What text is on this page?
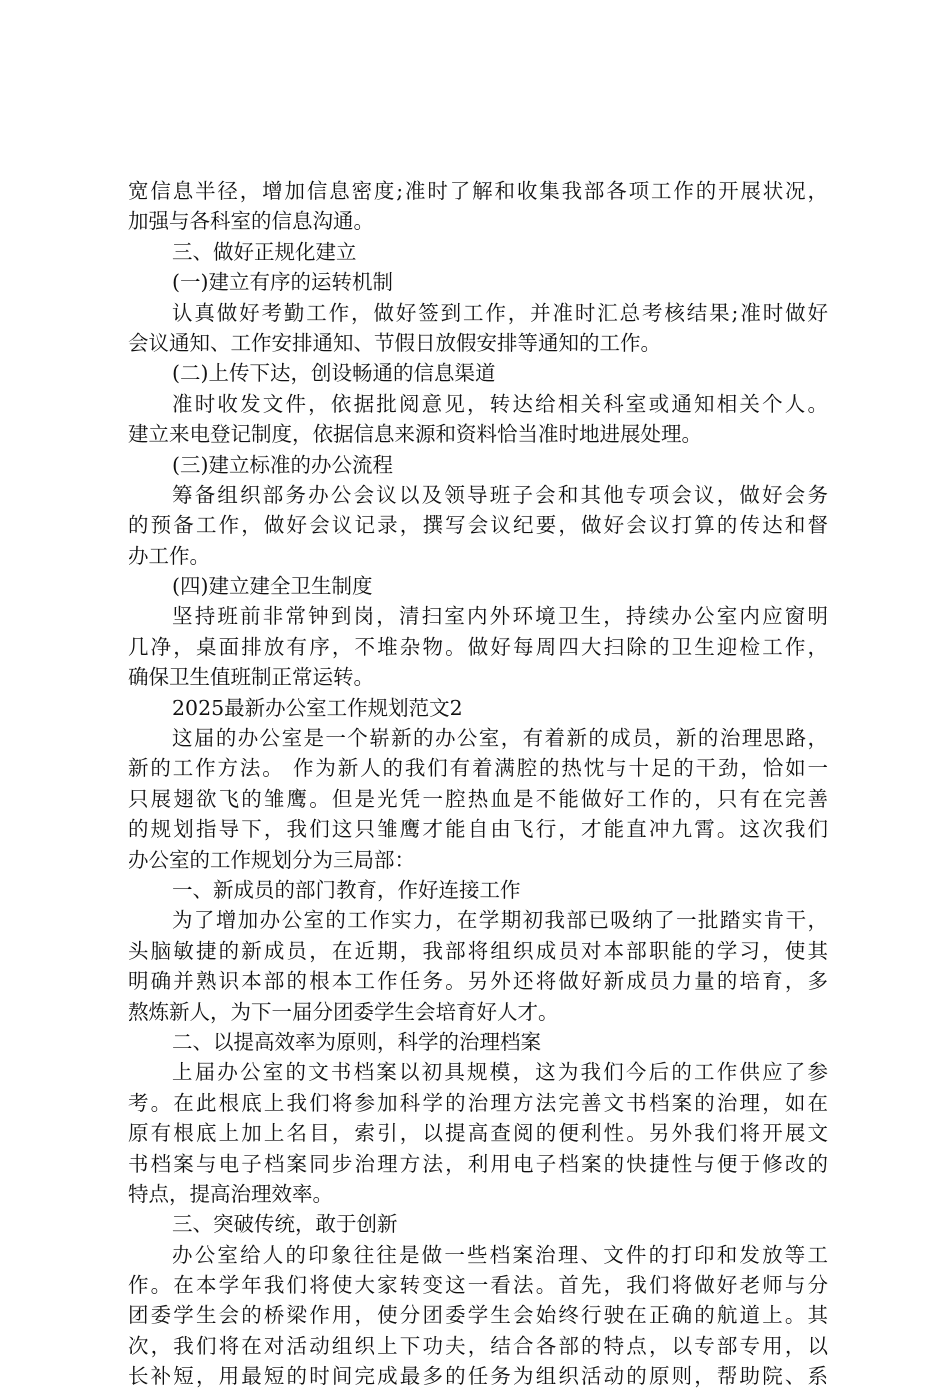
宽信息半径，增加信息密度;准时了解和收集我部各项工作的开展状况，
加强与各科室的信息沟通。
三、做好正规化建立
(一)建立有序的运转机制
认真做好考勤工作，做好签到工作，并准时汇总考核结果;准时做好
会议通知、工作安排通知、节假日放假安排等通知的工作。
(二)上传下达，创设畅通的信息渠道
准时收发文件，依据批阅意见，转达给相关科室或通知相关个人。
建立来电登记制度，依据信息来源和资料恰当准时地进展处理。
(三)建立标准的办公流程
筹备组织部务办公会议以及领导班子会和其他专项会议，做好会务
的预备工作，做好会议记录，撰写会议纪要，做好会议打算的传达和督
办工作。
(四)建立建全卫生制度
坚持班前非常钟到岗，清扫室内外环境卫生，持续办公室内应窗明
几净，桌面排放有序，不堆杂物。做好每周四大扫除的卫生迎检工作，
确保卫生值班制正常运转。
2025最新办公室工作规划范文2
这届的办公室是一个崭新的办公室，有着新的成员，新的治理思路，
新的工作方法。 作为新人的我们有着满腔的热忱与十足的干劲，恰如一
只展翅欲飞的雏鹰。但是光凭一腔热血是不能做好工作的，只有在完善
的规划指导下，我们这只雏鹰才能自由飞行，才能直冲九霄。这次我们
办公室的工作规划分为三局部：
一、新成员的部门教育，作好连接工作
为了增加办公室的工作实力，在学期初我部已吸纳了一批踏实肯干，
头脑敏捷的新成员，在近期，我部将组织成员对本部职能的学习，使其
明确并熟识本部的根本工作任务。另外还将做好新成员力量的培育，多
熬炼新人，为下一届分团委学生会培育好人才。
二、以提高效率为原则，科学的治理档案
上届办公室的文书档案以初具规模，这为我们今后的工作供应了参
考。在此根底上我们将参加科学的治理方法完善文书档案的治理，如在
原有根底上加上名目，索引，以提高查阅的便利性。另外我们将开展文
书档案与电子档案同步治理方法，利用电子档案的快捷性与便于修改的
特点，提高治理效率。
三、突破传统，敢于创新
办公室给人的印象往往是做一些档案治理、文件的打印和发放等工
作。在本学年我们将使大家转变这一看法。首先，我们将做好老师与分
团委学生会的桥梁作用，使分团委学生会始终行驶在正确的航道上。其
次，我们将在对活动组织上下功夫，结合各部的特点，以专部专用，以
长补短，用最短的时间完成最多的任务为组织活动的原则，帮助院、系
